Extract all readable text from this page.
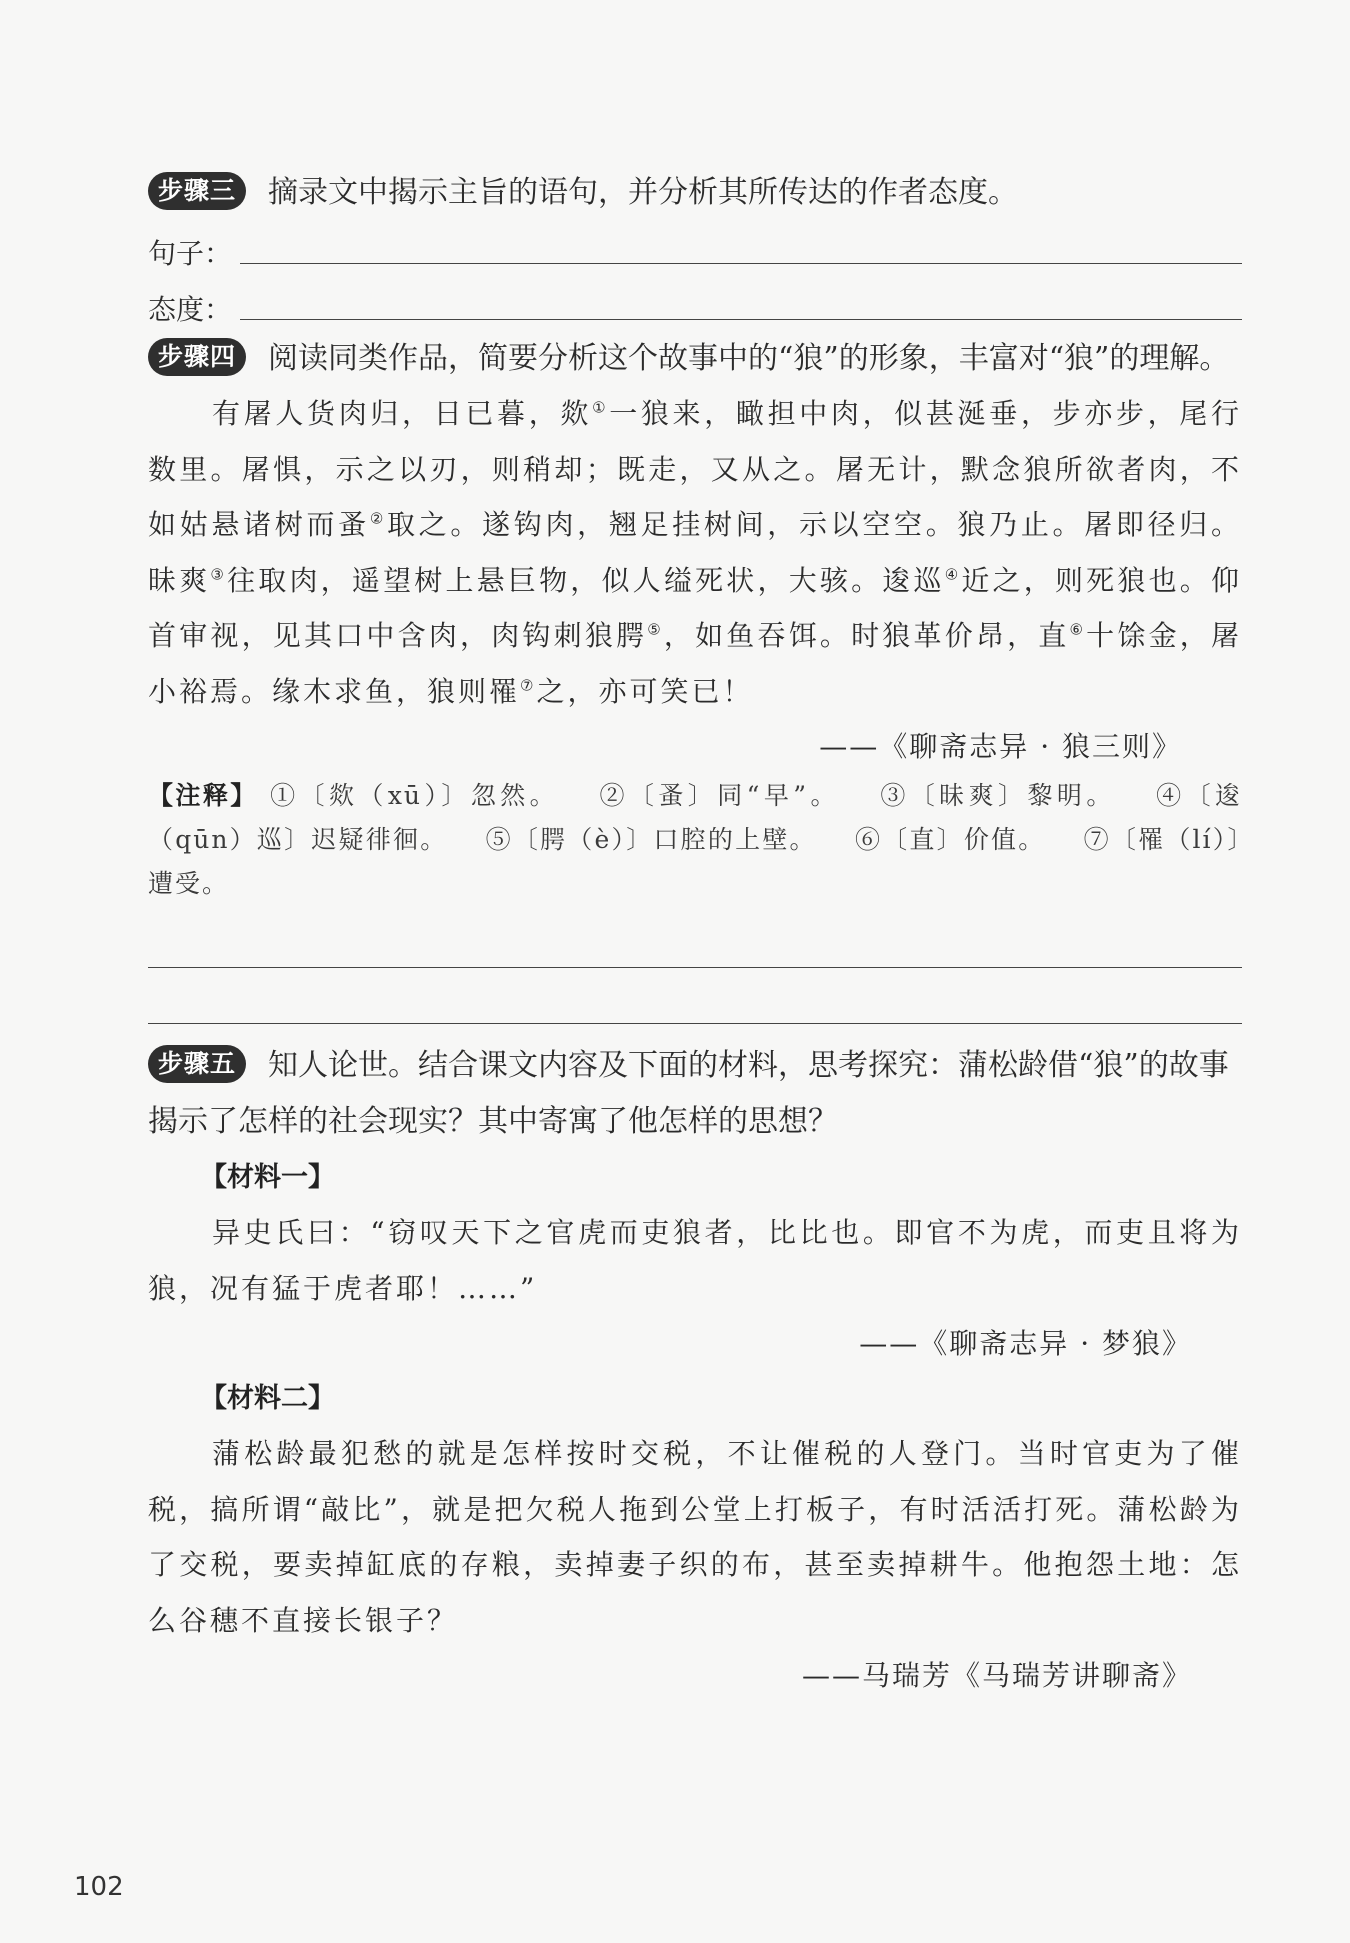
步骤三 摘录文中揭示主旨的语句，并分析其所传达的作者态度。
句子：
态度：
步骤四 阅读同类作品，简要分析这个故事中的“狼”的形象，丰富对“狼”的理解。

有屠人货肉归，日已暮，欻①一狼来，瞰担中肉，似甚涎垂，步亦步，尾行数里。屠惧，示之以刃，则稍却；既走，又从之。屠无计，默念狼所欲者肉，不如姑悬诸树而蚤②取之。遂钩肉，翘足挂树间，示以空空。狼乃止。屠即径归。昧爽③往取肉，遥望树上悬巨物，似人缢死状，大骇。逡巡④近之，则死狼也。仰首审视，见其口中含肉，肉钩刺狼腭⑤，如鱼吞饵。时狼革价昂，直⑥十馀金，屠小裕焉。缘木求鱼，狼则罹⑦之，亦可笑已！

——《聊斋志异 · 狼三则》
【注释】 ①〔欻（xū）〕忽然。 ②〔蚤〕同“早”。 ③〔昧爽〕黎明。 ④〔逡（qūn）巡〕迟疑徘徊。 ⑤〔腭（è）〕口腔的上壁。 ⑥〔直〕价值。 ⑦〔罹（lí）〕遭受。
步骤五 知人论世。结合课文内容及下面的材料，思考探究：蒲松龄借“狼”的故事揭示了怎样的社会现实？其中寄寓了他怎样的思想？
【材料一】

异史氏曰：“窃叹天下之官虎而吏狼者，比比也。即官不为虎，而吏且将为狼，况有猛于虎者耶！……”

——《聊斋志异 · 梦狼》
【材料二】

蒲松龄最犯愁的就是怎样按时交税，不让催税的人登门。当时官吏为了催税，搞所谓“敲比”，就是把欠税人拖到公堂上打板子，有时活活打死。蒲松龄为了交税，要卖掉缸底的存粮，卖掉妻子织的布，甚至卖掉耕牛。他抱怨土地：怎么谷穗不直接长银子？

——马瑞芳《马瑞芳讲聊斋》
102
